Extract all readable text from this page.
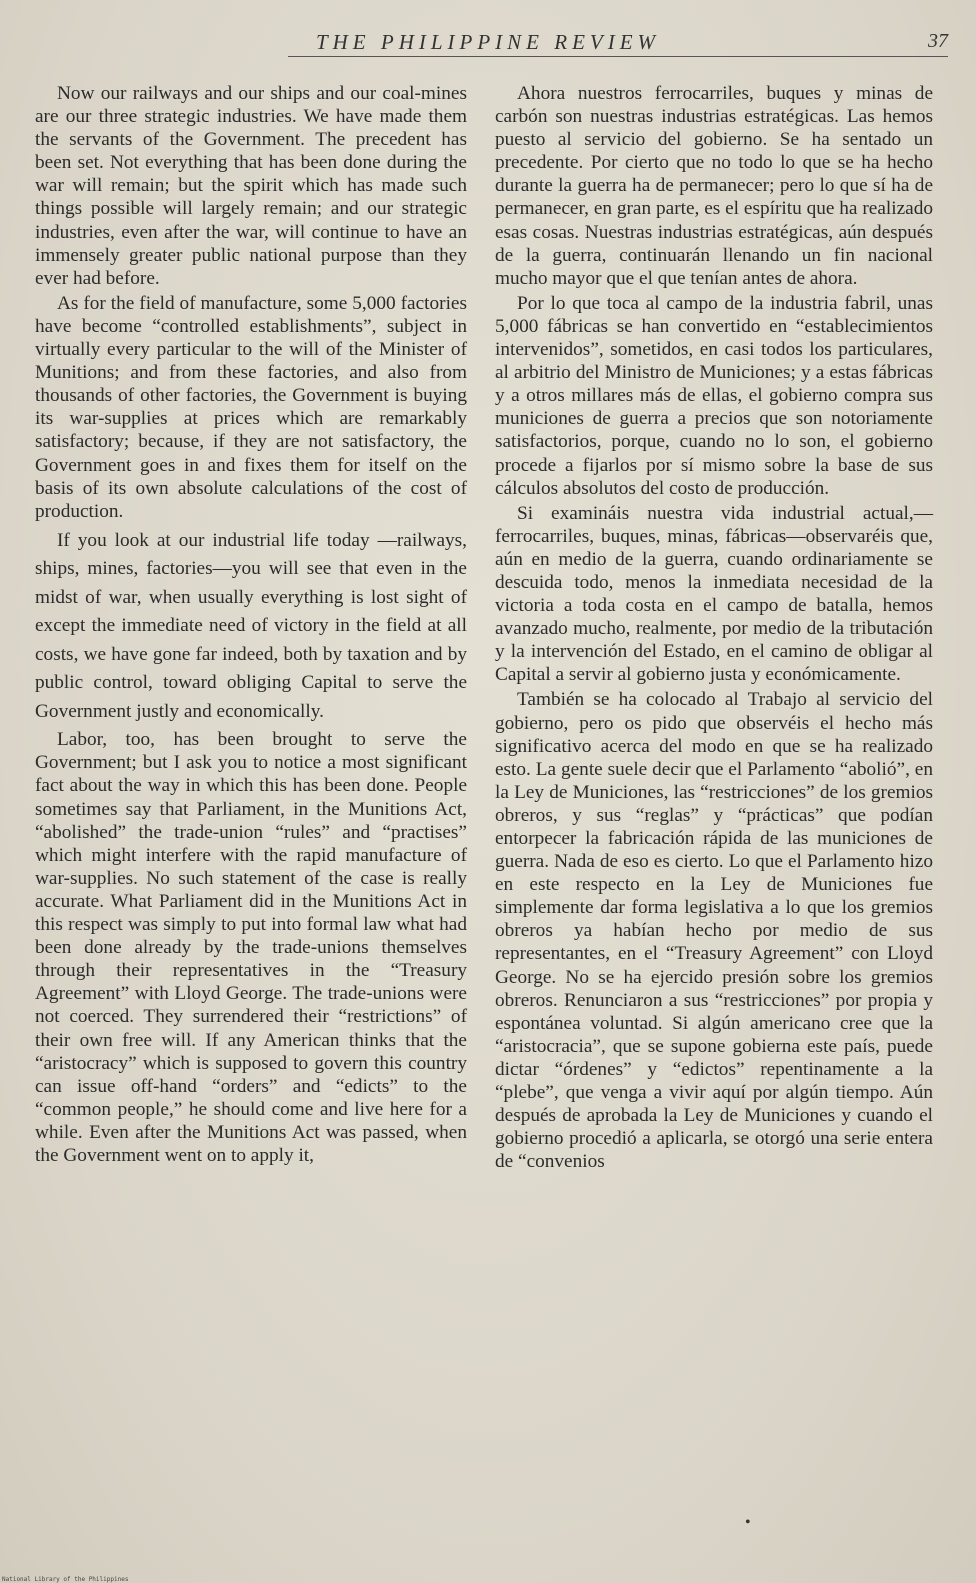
THE PHILIPPINE REVIEW	37

Now our railways and our ships and our coal-mines are our three strategic industries. We have made them the servants of the Government. The precedent has been set. Not everything that has been done during the war will remain; but the spirit which has made such things possible will largely remain; and our strategic industries, even after the war, will continue to have an immensely greater public national purpose than they ever had before.

As for the field of manufacture, some 5,000 factories have become “controlled establishments”, subject in virtually every particular to the will of the Minister of Munitions; and from these factories, and also from thousands of other factories, the Government is buying its war-supplies at prices which are remarkably satisfactory; because, if they are not satisfactory, the Government goes in and fixes them for itself on the basis of its own absolute calculations of the cost of production.

If you look at our industrial life today —railways, ships, mines, factories—you will see that even in the midst of war, when usually everything is lost sight of except the immediate need of victory in the field at all costs, we have gone far indeed, both by taxation and by public control, toward obliging Capital to serve the Government justly and economically.

Labor, too, has been brought to serve the Government; but I ask you to notice a most significant fact about the way in which this has been done. People sometimes say that Parliament, in the Munitions Act, “abolished” the trade-union “rules” and “practises” which might interfere with the rapid manufacture of war-supplies. No such statement of the case is really accurate. What Parliament did in the Munitions Act in this respect was simply to put into formal law what had been done already by the trade-unions themselves through their representatives in the “Treasury Agreement” with Lloyd George. The trade-unions were not coerced. They surrendered their “restrictions” of their own free will. If any American thinks that the “aristocracy” which is supposed to govern this country can issue off-hand “orders” and “edicts” to the “common people,” he should come and live here for a while. Even after the Munitions Act was passed, when the Government went on to apply it,

Ahora nuestros ferrocarriles, buques y minas de carbón son nuestras industrias estratégicas. Las hemos puesto al servicio del gobierno. Se ha sentado un precedente. Por cierto que no todo lo que se ha hecho durante la guerra ha de permanecer; pero lo que sí ha de permanecer, en gran parte, es el espíritu que ha realizado esas cosas. Nuestras industrias estratégicas, aún después de la guerra, continuarán llenando un fin nacional mucho mayor que el que tenían antes de ahora.

Por lo que toca al campo de la industria fabril, unas 5,000 fábricas se han convertido en “establecimientos intervenidos”, sometidos, en casi todos los particulares, al arbitrio del Ministro de Municiones; y a estas fábricas y a otros millares más de ellas, el gobierno compra sus municiones de guerra a precios que son notoriamente satisfactorios, porque, cuando no lo son, el gobierno procede a fijarlos por sí mismo sobre la base de sus cálculos absolutos del costo de producción.

Si examináis nuestra vida industrial actual,—ferrocarriles, buques, minas, fábricas—observaréis que, aún en medio de la guerra, cuando ordinariamente se descuida todo, menos la inmediata necesidad de la victoria a toda costa en el campo de batalla, hemos avanzado mucho, realmente, por medio de la tributación y la intervención del Estado, en el camino de obligar al Capital a servir al gobierno justa y económicamente.

También se ha colocado al Trabajo al servicio del gobierno, pero os pido que observéis el hecho más significativo acerca del modo en que se ha realizado esto. La gente suele decir que el Parlamento “abolió”, en la Ley de Municiones, las “restricciones” de los gremios obreros, y sus “reglas” y “prácticas” que podían entorpecer la fabricación rápida de las municiones de guerra. Nada de eso es cierto. Lo que el Parlamento hizo en este respecto en la Ley de Municiones fue simplemente dar forma legislativa a lo que los gremios obreros ya habían hecho por medio de sus representantes, en el “Treasury Agreement” con Lloyd George. No se ha ejercido presión sobre los gremios obreros. Renunciaron a sus “restricciones” por propia y espontánea voluntad. Si algún americano cree que la “aristocracia”, que se supone gobierna este país, puede dictar “órdenes” y “edictos” repentinamente a la “plebe”, que venga a vivir aquí por algún tiempo. Aún después de aprobada la Ley de Municiones y cuando el gobierno procedió a aplicarla, se otorgó una serie entera de “convenios

•
National Library of the Philippines
